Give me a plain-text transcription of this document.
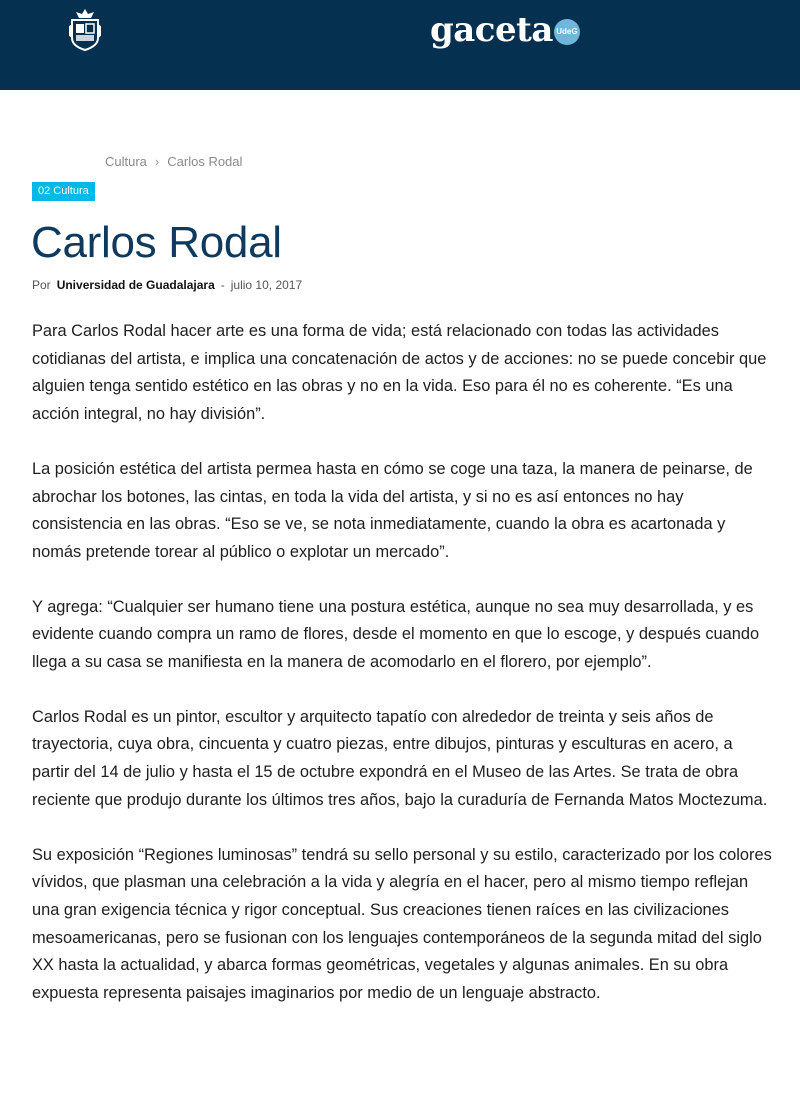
gaceta UdeG
Cultura › Carlos Rodal
02 Cultura
Carlos Rodal
Por Universidad de Guadalajara - julio 10, 2017

Para Carlos Rodal hacer arte es una forma de vida; está relacionado con todas las actividades cotidianas del artista, e implica una concatenación de actos y de acciones: no se puede concebir que alguien tenga sentido estético en las obras y no en la vida. Eso para él no es coherente. “Es una acción integral, no hay división”.

La posición estética del artista permea hasta en cómo se coge una taza, la manera de peinarse, de abrochar los botones, las cintas, en toda la vida del artista, y si no es así entonces no hay consistencia en las obras. “Eso se ve, se nota inmediatamente, cuando la obra es acartonada y nomás pretende torear al público o explotar un mercado”.

Y agrega: “Cualquier ser humano tiene una postura estética, aunque no sea muy desarrollada, y es evidente cuando compra un ramo de flores, desde el momento en que lo escoge, y después cuando llega a su casa se manifiesta en la manera de acomodarlo en el florero, por ejemplo”.

Carlos Rodal es un pintor, escultor y arquitecto tapatío con alrededor de treinta y seis años de trayectoria, cuya obra, cincuenta y cuatro piezas, entre dibujos, pinturas y esculturas en acero, a partir del 14 de julio y hasta el 15 de octubre expondrá en el Museo de las Artes. Se trata de obra reciente que produjo durante los últimos tres años, bajo la curaduría de Fernanda Matos Moctezuma.

Su exposición “Regiones luminosas” tendrá su sello personal y su estilo, caracterizado por los colores vívidos, que plasman una celebración a la vida y alegría en el hacer, pero al mismo tiempo reflejan una gran exigencia técnica y rigor conceptual. Sus creaciones tienen raíces en las civilizaciones mesoamericanas, pero se fusionan con los lenguajes contemporáneos de la segunda mitad del siglo XX hasta la actualidad, y abarca formas geométricas, vegetales y algunas animales. En su obra expuesta representa paisajes imaginarios por medio de un lenguaje abstracto.
